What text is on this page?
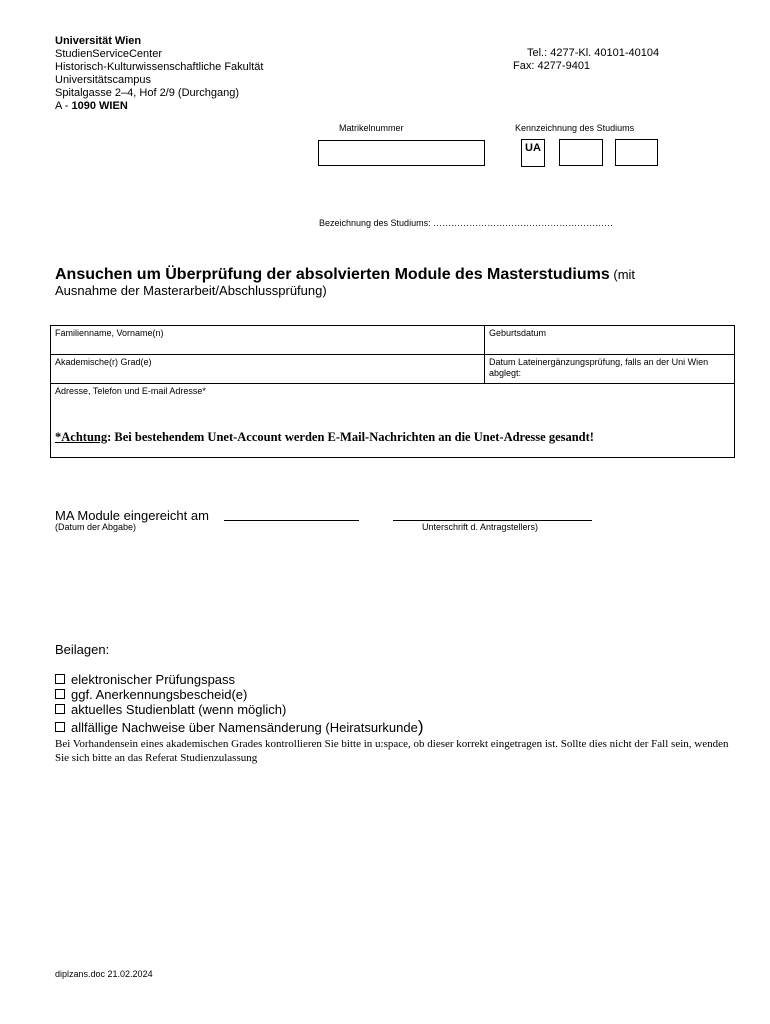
Universität Wien
StudienServiceCenter
Historisch-Kulturwissenschaftliche Fakultät
Universitätscampus
Spitalgasse 2–4, Hof 2/9 (Durchgang)
A - 1090 WIEN
Tel.: 4277-Kl. 40101-40104
Fax: 4277-9401
Matrikelnummer	Kennzeichnung des Studiums
UA
Bezeichnung des Studiums: ……………………………………………………
Ansuchen um Überprüfung der absolvierten Module des Masterstudiums (mit
Ausnahme der Masterarbeit/Abschlussprüfung)
Familienname, Vorname(n)	Geburtsdatum
Akademische(r) Grad(e)	Datum Lateinergänzungsprüfung, falls an der Uni Wien abglegt:

Adresse, Telefon und E-mail Adresse*
*Achtung: Bei bestehendem Unet-Account werden E-Mail-Nachrichten an die Unet-Adresse gesandt!	
MA Module eingereicht am
(Datum der Abgabe)	Unterschrift d. Antragstellers)
Beilagen:
elektronischer Prüfungspass
ggf. Anerkennungsbescheid(e)
aktuelles Studienblatt (wenn möglich)
allfällige Nachweise über Namensänderung (Heiratsurkunde)
Bei Vorhandensein eines akademischen Grades kontrollieren Sie bitte in u:space, ob dieser korrekt eingetragen ist. Sollte dies nicht der Fall sein, wenden Sie sich bitte an das Referat Studienzulassung
diplzans.doc 21.02.2024
